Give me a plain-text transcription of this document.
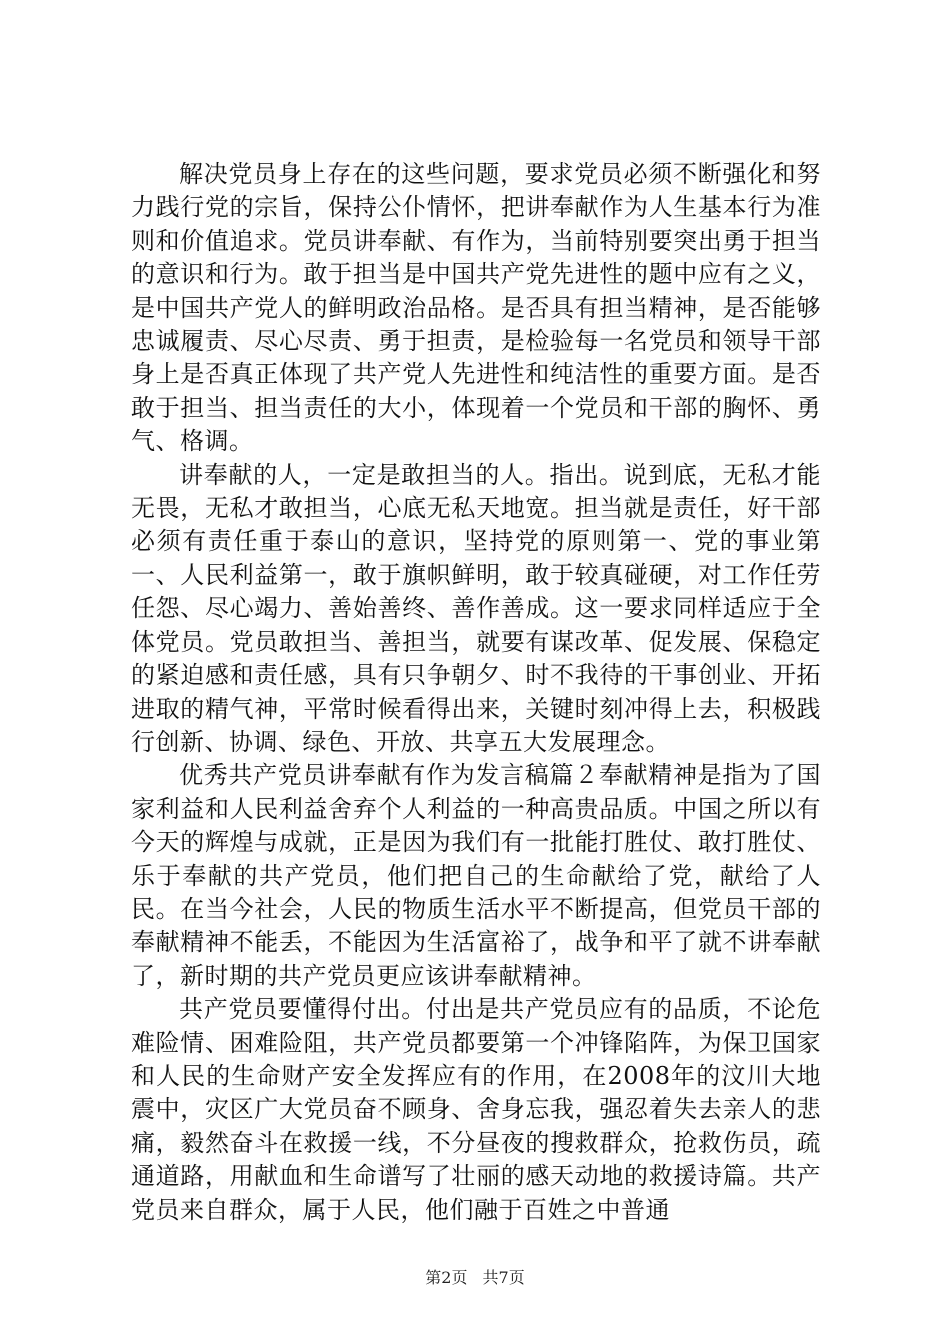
解决党员身上存在的这些问题，要求党员必须不断强化和努力践行党的宗旨，保持公仆情怀，把讲奉献作为人生基本行为准则和价值追求。党员讲奉献、有作为，当前特别要突出勇于担当的意识和行为。敢于担当是中国共产党先进性的题中应有之义，是中国共产党人的鲜明政治品格。是否具有担当精神，是否能够忠诚履责、尽心尽责、勇于担责，是检验每一名党员和领导干部身上是否真正体现了共产党人先进性和纯洁性的重要方面。是否敢于担当、担当责任的大小，体现着一个党员和干部的胸怀、勇气、格调。

讲奉献的人，一定是敢担当的人。指出。说到底，无私才能无畏，无私才敢担当，心底无私天地宽。担当就是责任，好干部必须有责任重于泰山的意识，坚持党的原则第一、党的事业第一、人民利益第一，敢于旗帜鲜明，敢于较真碰硬，对工作任劳任怨、尽心竭力、善始善终、善作善成。这一要求同样适应于全体党员。党员敢担当、善担当，就要有谋改革、促发展、保稳定的紧迫感和责任感，具有只争朝夕、时不我待的干事创业、开拓进取的精气神，平常时候看得出来，关键时刻冲得上去，积极践行创新、协调、绿色、开放、共享五大发展理念。

优秀共产党员讲奉献有作为发言稿篇２奉献精神是指为了国家利益和人民利益舍弃个人利益的一种高贵品质。中国之所以有今天的辉煌与成就，正是因为我们有一批能打胜仗、敢打胜仗、乐于奉献的共产党员，他们把自己的生命献给了党，献给了人民。在当今社会，人民的物质生活水平不断提高，但党员干部的奉献精神不能丢，不能因为生活富裕了，战争和平了就不讲奉献了，新时期的共产党员更应该讲奉献精神。

共产党员要懂得付出。付出是共产党员应有的品质，不论危难险情、困难险阻，共产党员都要第一个冲锋陷阵，为保卫国家和人民的生命财产安全发挥应有的作用，在2008年的汶川大地震中，灾区广大党员奋不顾身、舍身忘我，强忍着失去亲人的悲痛，毅然奋斗在救援一线，不分昼夜的搜救群众，抢救伤员，疏通道路，用献血和生命谱写了壮丽的感天动地的救援诗篇。共产党员来自群众，属于人民，他们融于百姓之中普通

第2页 共7页
